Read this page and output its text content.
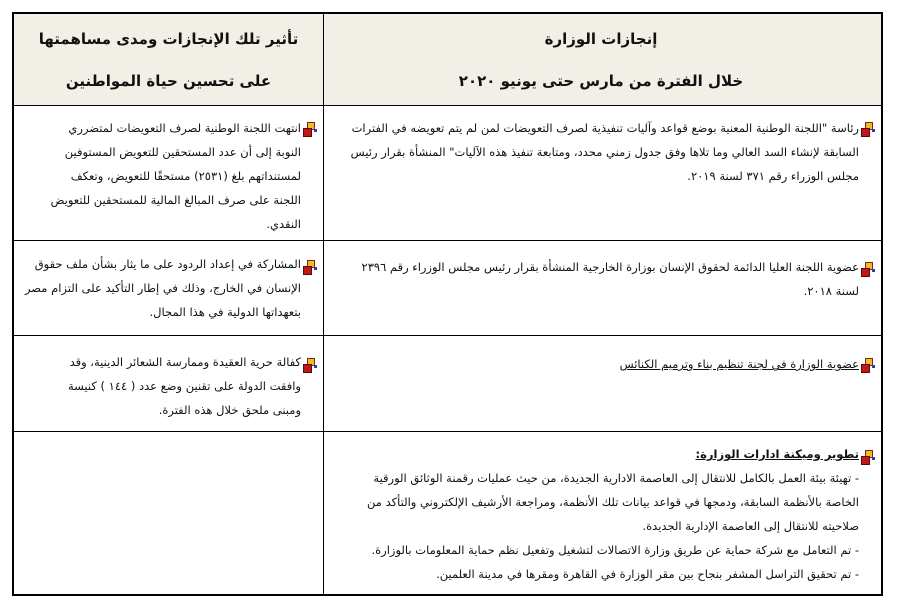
إنجازات الوزارة
خلال الفترة من مارس حتى يونيو ٢٠٢٠
تأثير تلك الإنجازات ومدى مساهمتها
على تحسين حياة المواطنين
رئاسة "اللجنة الوطنية المعنية بوضع قواعد وآليات تنفيذية لصرف التعويضات لمن لم يتم تعويضه في الفترات
السابقة لإنشاء السد العالي وما تلاها وفق جدول زمني محدد، ومتابعة تنفيذ هذه الآليات" المنشأة بقرار رئيس
مجلس الوزراء رقم ٣٧١ لسنة ٢٠١٩.
انتهت اللجنة الوطنية لصرف التعويضات لمتضرري
النوبة إلى أن عدد المستحقين للتعويض المستوفين
لمستنداتهم بلغ (٢٥٣١) مستحقًا للتعويض، وتعكف
اللجنة على صرف المبالغ المالية للمستحقين للتعويض
النقدي.
عضوية اللجنة العليا الدائمة لحقوق الإنسان بوزارة الخارجية المنشأة بقرار رئيس مجلس الوزراء رقم ٢٣٩٦
لسنة ٢٠١٨.
المشاركة في إعداد الردود على ما يثار بشأن ملف حقوق
الإنسان في الخارج، وذلك في إطار التأكيد على التزام مصر
بتعهداتها الدولية في هذا المجال.
عضوية الوزارة في لجنة تنظيم بناء وترميم الكنائس
كفالة حرية العقيدة وممارسة الشعائر الدينية، وقد
وافقت الدولة على تقنين وضع عدد ( ١٤٤ ) كنيسة
ومبنى ملحق خلال هذه الفترة.
تطوير وميكنة ادارات الوزارة:
- تهيئة بيئة العمل بالكامل للانتقال إلى العاصمة الادارية الجديدة، من حيث عمليات رقمنة الوثائق الورقية
الخاصة بالأنظمة السابقة، ودمجها في قواعد بيانات تلك الأنظمة، ومراجعة الأرشيف الإلكتروني والتأكد من
صلاحيته للانتقال إلى العاصمة الإدارية الجديدة.
- تم التعامل مع شركة حماية عن طريق وزارة الاتصالات لتشغيل وتفعيل نظم حماية المعلومات بالوزارة.
- تم تحقيق التراسل المشفر بنجاح بين مقر الوزارة في القاهرة ومقرها في مدينة العلمين.
